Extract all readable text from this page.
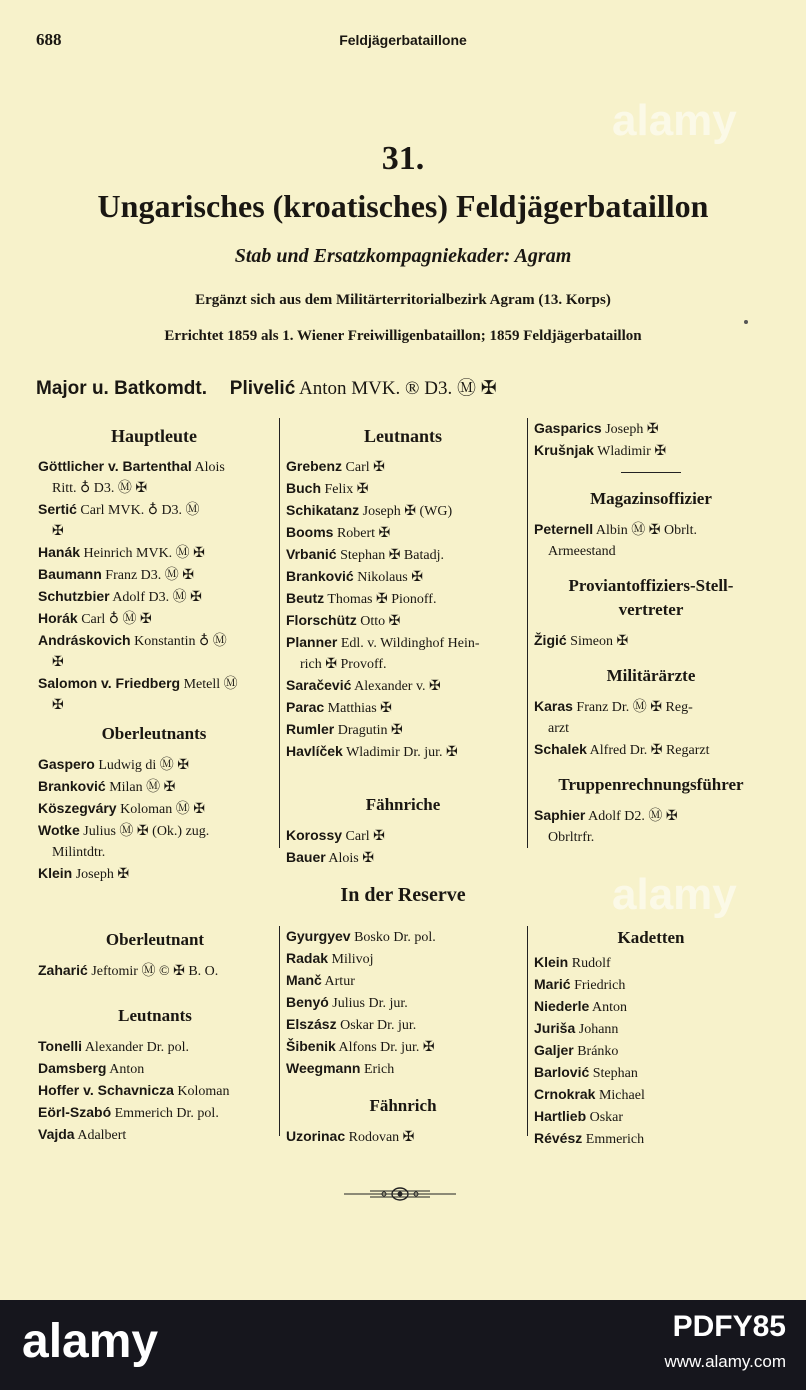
688	Feldjägerbataillone
alamy
alamy
31.
Ungarisches (kroatisches) Feldjägerbataillon
Stab und Ersatzkompagniekader: Agram
Ergänzt sich aus dem Militärterritorialbezirk Agram (13. Korps)
Errichtet 1859 als 1. Wiener Freiwilligenbataillon; 1859 Feldjägerbataillon
Major u. Batkomdt. Plivelić Anton MVK. ® D3. Ⓜ ✠
Hauptleute
Göttlicher v. Bartenthal Alois
Ritt. ♁ D3. Ⓜ ✠
Sertić Carl MVK. ♁ D3. Ⓜ
✠
Hanák Heinrich MVK. Ⓜ ✠
Baumann Franz D3. Ⓜ ✠
Schutzbier Adolf D3. Ⓜ ✠
Horák Carl ♁ Ⓜ ✠
Andráskovich Konstantin ♁ Ⓜ
✠
Salomon v. Friedberg Metell Ⓜ
✠
Oberleutnants
Gaspero Ludwig di Ⓜ ✠
Branković Milan Ⓜ ✠
Köszegváry Koloman Ⓜ ✠
Wotke Julius Ⓜ ✠ (Ok.) zug.
Milintdtr.
Klein Joseph ✠
Leutnants
Grebenz Carl ✠
Buch Felix ✠
Schikatanz Joseph ✠ (WG)
Booms Robert ✠
Vrbanić Stephan ✠ Batadj.
Branković Nikolaus ✠
Beutz Thomas ✠ Pionoff.
Florschütz Otto ✠
Planner Edl. v. Wildinghof Hein-
rich ✠ Provoff.
Saračević Alexander v. ✠
Parac Matthias ✠
Rumler Dragutin ✠
Havlíček Wladimir Dr. jur. ✠
Fähnriche
Korossy Carl ✠
Bauer Alois ✠
Gasparics Joseph ✠
Krušnjak Wladimir ✠
Magazinsoffizier
Peternell Albin Ⓜ ✠ Obrlt.
Armeestand
Proviantoffiziers-Stell-
vertreter
Žigić Simeon ✠
Militärärzte
Karas Franz Dr. Ⓜ ✠ Reg-
arzt
Schalek Alfred Dr. ✠ Regarzt
Truppenrechnungsführer
Saphier Adolf D2. Ⓜ ✠
Obrltrfr.
In der Reserve
Oberleutnant
Zaharić Jeftomir Ⓜ © ✠ B. O.
Leutnants
Tonelli Alexander Dr. pol.
Damsberg Anton
Hoffer v. Schavnicza Koloman
Eörl-Szabó Emmerich Dr. pol.
Vajda Adalbert
Gyurgyev Bosko Dr. pol.
Radak Milivoj
Manč Artur
Benyó Julius Dr. jur.
Elszász Oskar Dr. jur.
Šibenik Alfons Dr. jur. ✠
Weegmann Erich
Fähnrich
Uzorinac Rodovan ✠
Kadetten
Klein Rudolf
Marić Friedrich
Niederle Anton
Juriša Johann
Galjer Bránko
Barlović Stephan
Crnokrak Michael
Hartlieb Oskar
Révész Emmerich
alamy	PDFY85
www.alamy.com
